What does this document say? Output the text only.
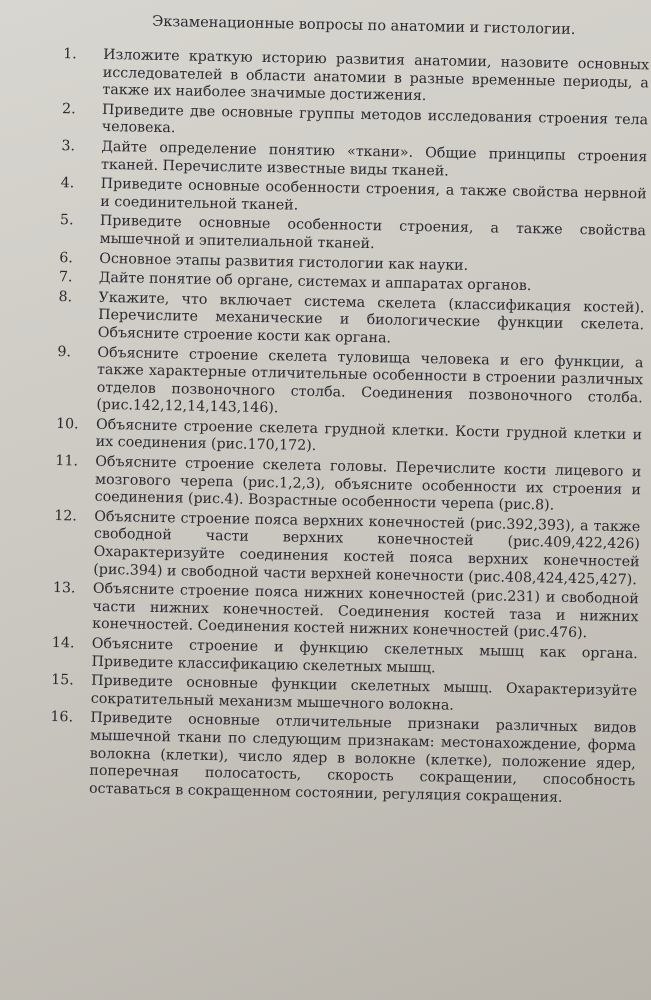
Экзаменационные вопросы по анатомии и гистологии.
1.	Изложите краткую историю развития анатомии, назовите основных исследователей в области анатомии в разные временные периоды, а также их наиболее значимые достижения.
2.	Приведите две основные группы методов исследования строения тела человека.
3.	Дайте определение понятию «ткани». Общие принципы строения тканей. Перечислите известные виды тканей.
4.	Приведите основные особенности строения, а также свойства нервной и соединительной тканей.
5.	Приведите основные особенности строения, а также свойства мышечной и эпителиальной тканей.
6.	Основное этапы развития гистологии как науки.
7.	Дайте понятие об органе, системах и аппаратах органов.
8.	Укажите, что включает система скелета (классификация костей). Перечислите механические и биологические функции скелета. Объясните строение кости как органа.
9.	Объясните строение скелета туловища человека и его функции, а также характерные отличительные особенности в строении различных отделов позвоночного столба. Соединения позвоночного столба. (рис.142,12,14,143,146).
10.	Объясните строение скелета грудной клетки. Кости грудной клетки и их соединения (рис.170,172).
11.	Объясните строение скелета головы. Перечислите кости лицевого и мозгового черепа (рис.1,2,3), объясните особенности их строения и соединения (рис.4). Возрастные особенности черепа (рис.8).
12.	Объясните строение пояса верхних конечностей (рис.392,393), а также свободной части верхних конечностей (рис.409,422,426) Охарактеризуйте соединения костей пояса верхних конечностей (рис.394) и свободной части верхней конечности (рис.408,424,425,427).
13.	Объясните строение пояса нижних конечностей (рис.231) и свободной части нижних конечностей. Соединения костей таза и нижних конечностей. Соединения костей нижних конечностей (рис.476).
14.	Объясните строение и функцию скелетных мышц как органа. Приведите классификацию скелетных мышц.
15.	Приведите основные функции скелетных мышц. Охарактеризуйте сократительный механизм мышечного волокна.
16.	Приведите основные отличительные признаки различных видов мышечной ткани по следующим признакам: местонахождение, форма волокна (клетки), число ядер в волокне (клетке), положение ядер, поперечная полосатость, скорость сокращении, способность оставаться в сокращенном состоянии, регуляция сокращения.
